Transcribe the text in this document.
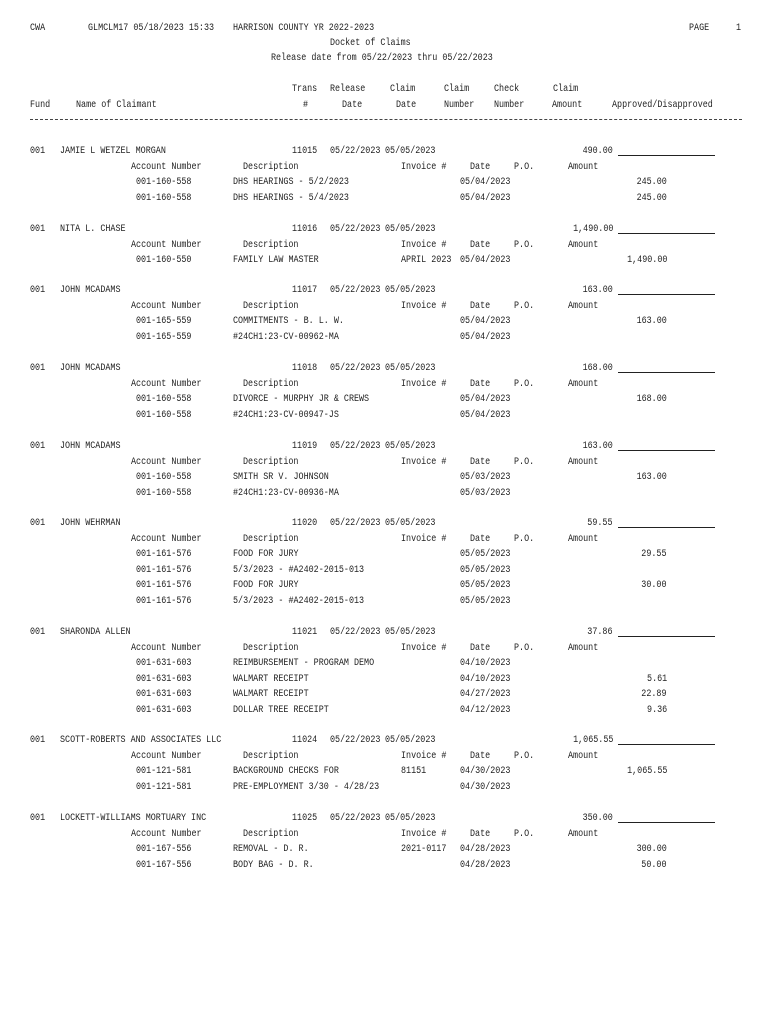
CWA	GLMCLM17 05/18/2023 15:33 HARRISON COUNTY YR 2022-2023	PAGE	1
Docket of Claims
Release date from 05/22/2023 thru 05/22/2023
Trans Release Claim	Claim Check	Claim
Fund Name of Claimant	#	Date	Date	Number Number	Amount	Approved/Disapproved
001 JAMIE L WETZEL MORGAN	11015 05/22/2023 05/05/2023	490.00
Account Number	Description	Invoice # Date P.O.	Amount
001-160-558	DHS HEARINGS - 5/2/2023	05/04/2023	245.00
001-160-558	DHS HEARINGS - 5/4/2023	05/04/2023	245.00
001 NITA L. CHASE	11016 05/22/2023 05/05/2023	1,490.00
Account Number	Description	Invoice # Date P.O.	Amount
001-160-550	FAMILY LAW MASTER	APRIL 2023 05/04/2023	1,490.00
001 JOHN MCADAMS	11017 05/22/2023 05/05/2023	163.00
Account Number	Description	Invoice # Date P.O.	Amount
001-165-559	COMMITMENTS - B. L. W.	05/04/2023	163.00
001-165-559	#24CH1:23-CV-00962-MA	05/04/2023
001 JOHN MCADAMS	11018 05/22/2023 05/05/2023	168.00
Account Number	Description	Invoice # Date P.O.	Amount
001-160-558	DIVORCE - MURPHY JR & CREWS	05/04/2023	168.00
001-160-558	#24CH1:23-CV-00947-JS	05/04/2023
001 JOHN MCADAMS	11019 05/22/2023 05/05/2023	163.00
Account Number	Description	Invoice # Date P.O.	Amount
001-160-558	SMITH SR V. JOHNSON	05/03/2023	163.00
001-160-558	#24CH1:23-CV-00936-MA	05/03/2023
001 JOHN WEHRMAN	11020 05/22/2023 05/05/2023	59.55
Account Number	Description	Invoice # Date P.O.	Amount
001-161-576	FOOD FOR JURY	05/05/2023	29.55
001-161-576	5/3/2023 - #A2402-2015-013	05/05/2023
001-161-576	FOOD FOR JURY	05/05/2023	30.00
001-161-576	5/3/2023 - #A2402-2015-013	05/05/2023
001 SHARONDA ALLEN	11021 05/22/2023 05/05/2023	37.86
Account Number	Description	Invoice # Date P.O.	Amount
001-631-603	REIMBURSEMENT - PROGRAM DEMO	04/10/2023
001-631-603	WALMART RECEIPT	04/10/2023	5.61
001-631-603	WALMART RECEIPT	04/27/2023	22.89
001-631-603	DOLLAR TREE RECEIPT	04/12/2023	9.36
001 SCOTT-ROBERTS AND ASSOCIATES LLC	11024 05/22/2023 05/05/2023	1,065.55
Account Number	Description	Invoice # Date P.O.	Amount
001-121-581	BACKGROUND CHECKS FOR	81151	04/30/2023	1,065.55
001-121-581	PRE-EMPLOYMENT 3/30 - 4/28/23	04/30/2023
001 LOCKETT-WILLIAMS MORTUARY INC	11025 05/22/2023 05/05/2023	350.00
Account Number	Description	Invoice # Date P.O.	Amount
001-167-556	REMOVAL - D. R.	2021-0117 04/28/2023	300.00
001-167-556	BODY BAG - D. R.	04/28/2023	50.00
